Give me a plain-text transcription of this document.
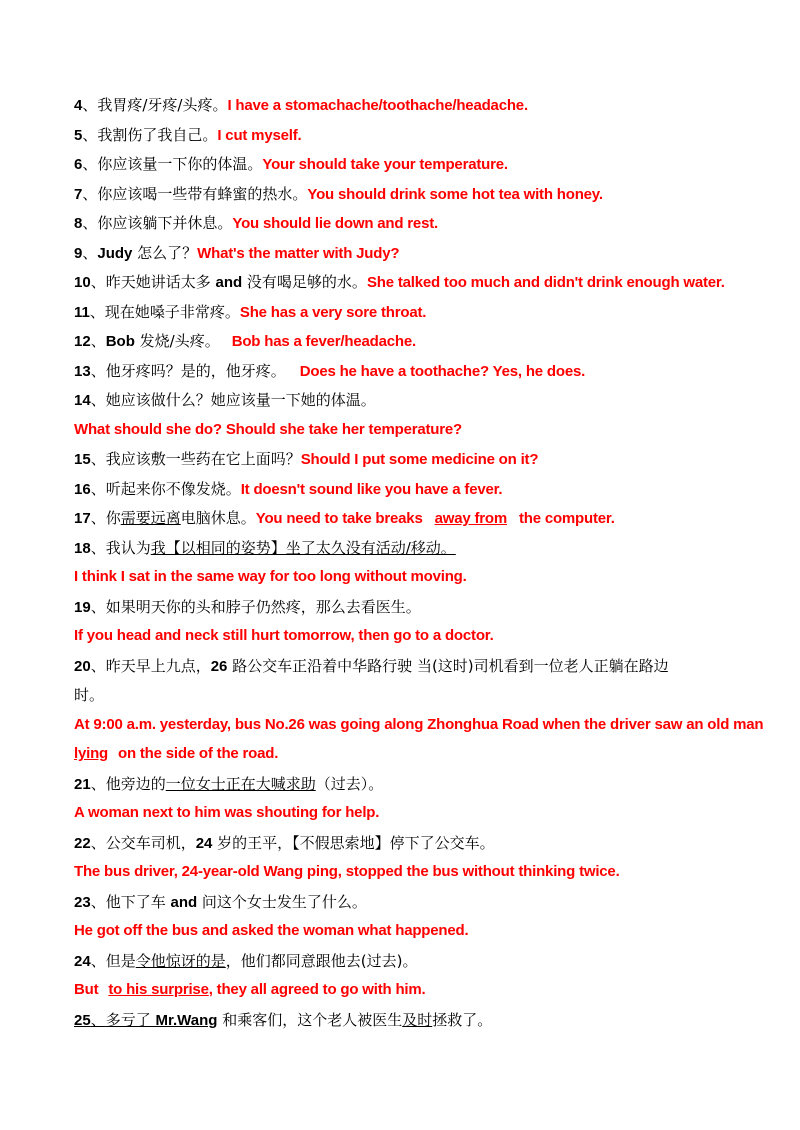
4、我胃疼/牙疼/头疼。I have a stomachache/toothache/headache.
5、我割伤了我自己。I cut myself.
6、你应该量一下你的体温。Your should take your temperature.
7、你应该喝一些带有蜂蜜的热水。You should drink some hot tea with honey.
8、你应该躺下并休息。You should lie down and rest.
9、Judy 怎么了？What's the matter with Judy?
10、昨天她讲话太多 and 没有喝足够的水。She talked too much and didn't drink enough water.
11、现在她嗓子非常疼。She has a very sore throat.
12、Bob 发烧/头疼。 Bob has a fever/headache.
13、他牙疼吗？是的，他牙疼。 Does he have a toothache? Yes, he does.
14、她应该做什么？她应该量一下她的体温。
What should she do? Should she take her temperature?
15、我应该敷一些药在它上面吗？Should I put some medicine on it?
16、听起来你不像发烧。It doesn't sound like you have a fever.
17、你需要远离电脑休息。You need to take breaks away from the computer.
18、我认为我【以相同的姿势】坐了太久没有活动/移动。
I think I sat in the same way for too long without moving.
19、如果明天你的头和脖子仍然疼，那么去看医生。
If you head and neck still hurt tomorrow, then go to a doctor.
20、昨天早上九点，26 路公交车正沿着中华路行驶 当(这时)司机看到一位老人正躺在路边
时。
At 9:00 a.m. yesterday, bus No.26 was going along Zhonghua Road when the driver saw an old man
lying on the side of the road.
21、他旁边的一位女士正在大喊求助（过去）。
A woman next to him was shouting for help.
22、公交车司机，24 岁的王平，【不假思索地】停下了公交车。
The bus driver, 24-year-old Wang ping, stopped the bus without thinking twice.
23、他下了车 and 问这个女士发生了什么。
He got off the bus and asked the woman what happened.
24、但是令他惊讶的是，他们都同意跟他去(过去)。
But to his surprise, they all agreed to go with him.
25、多亏了 Mr.Wang 和乘客们，这个老人被医生及时拯救了。
